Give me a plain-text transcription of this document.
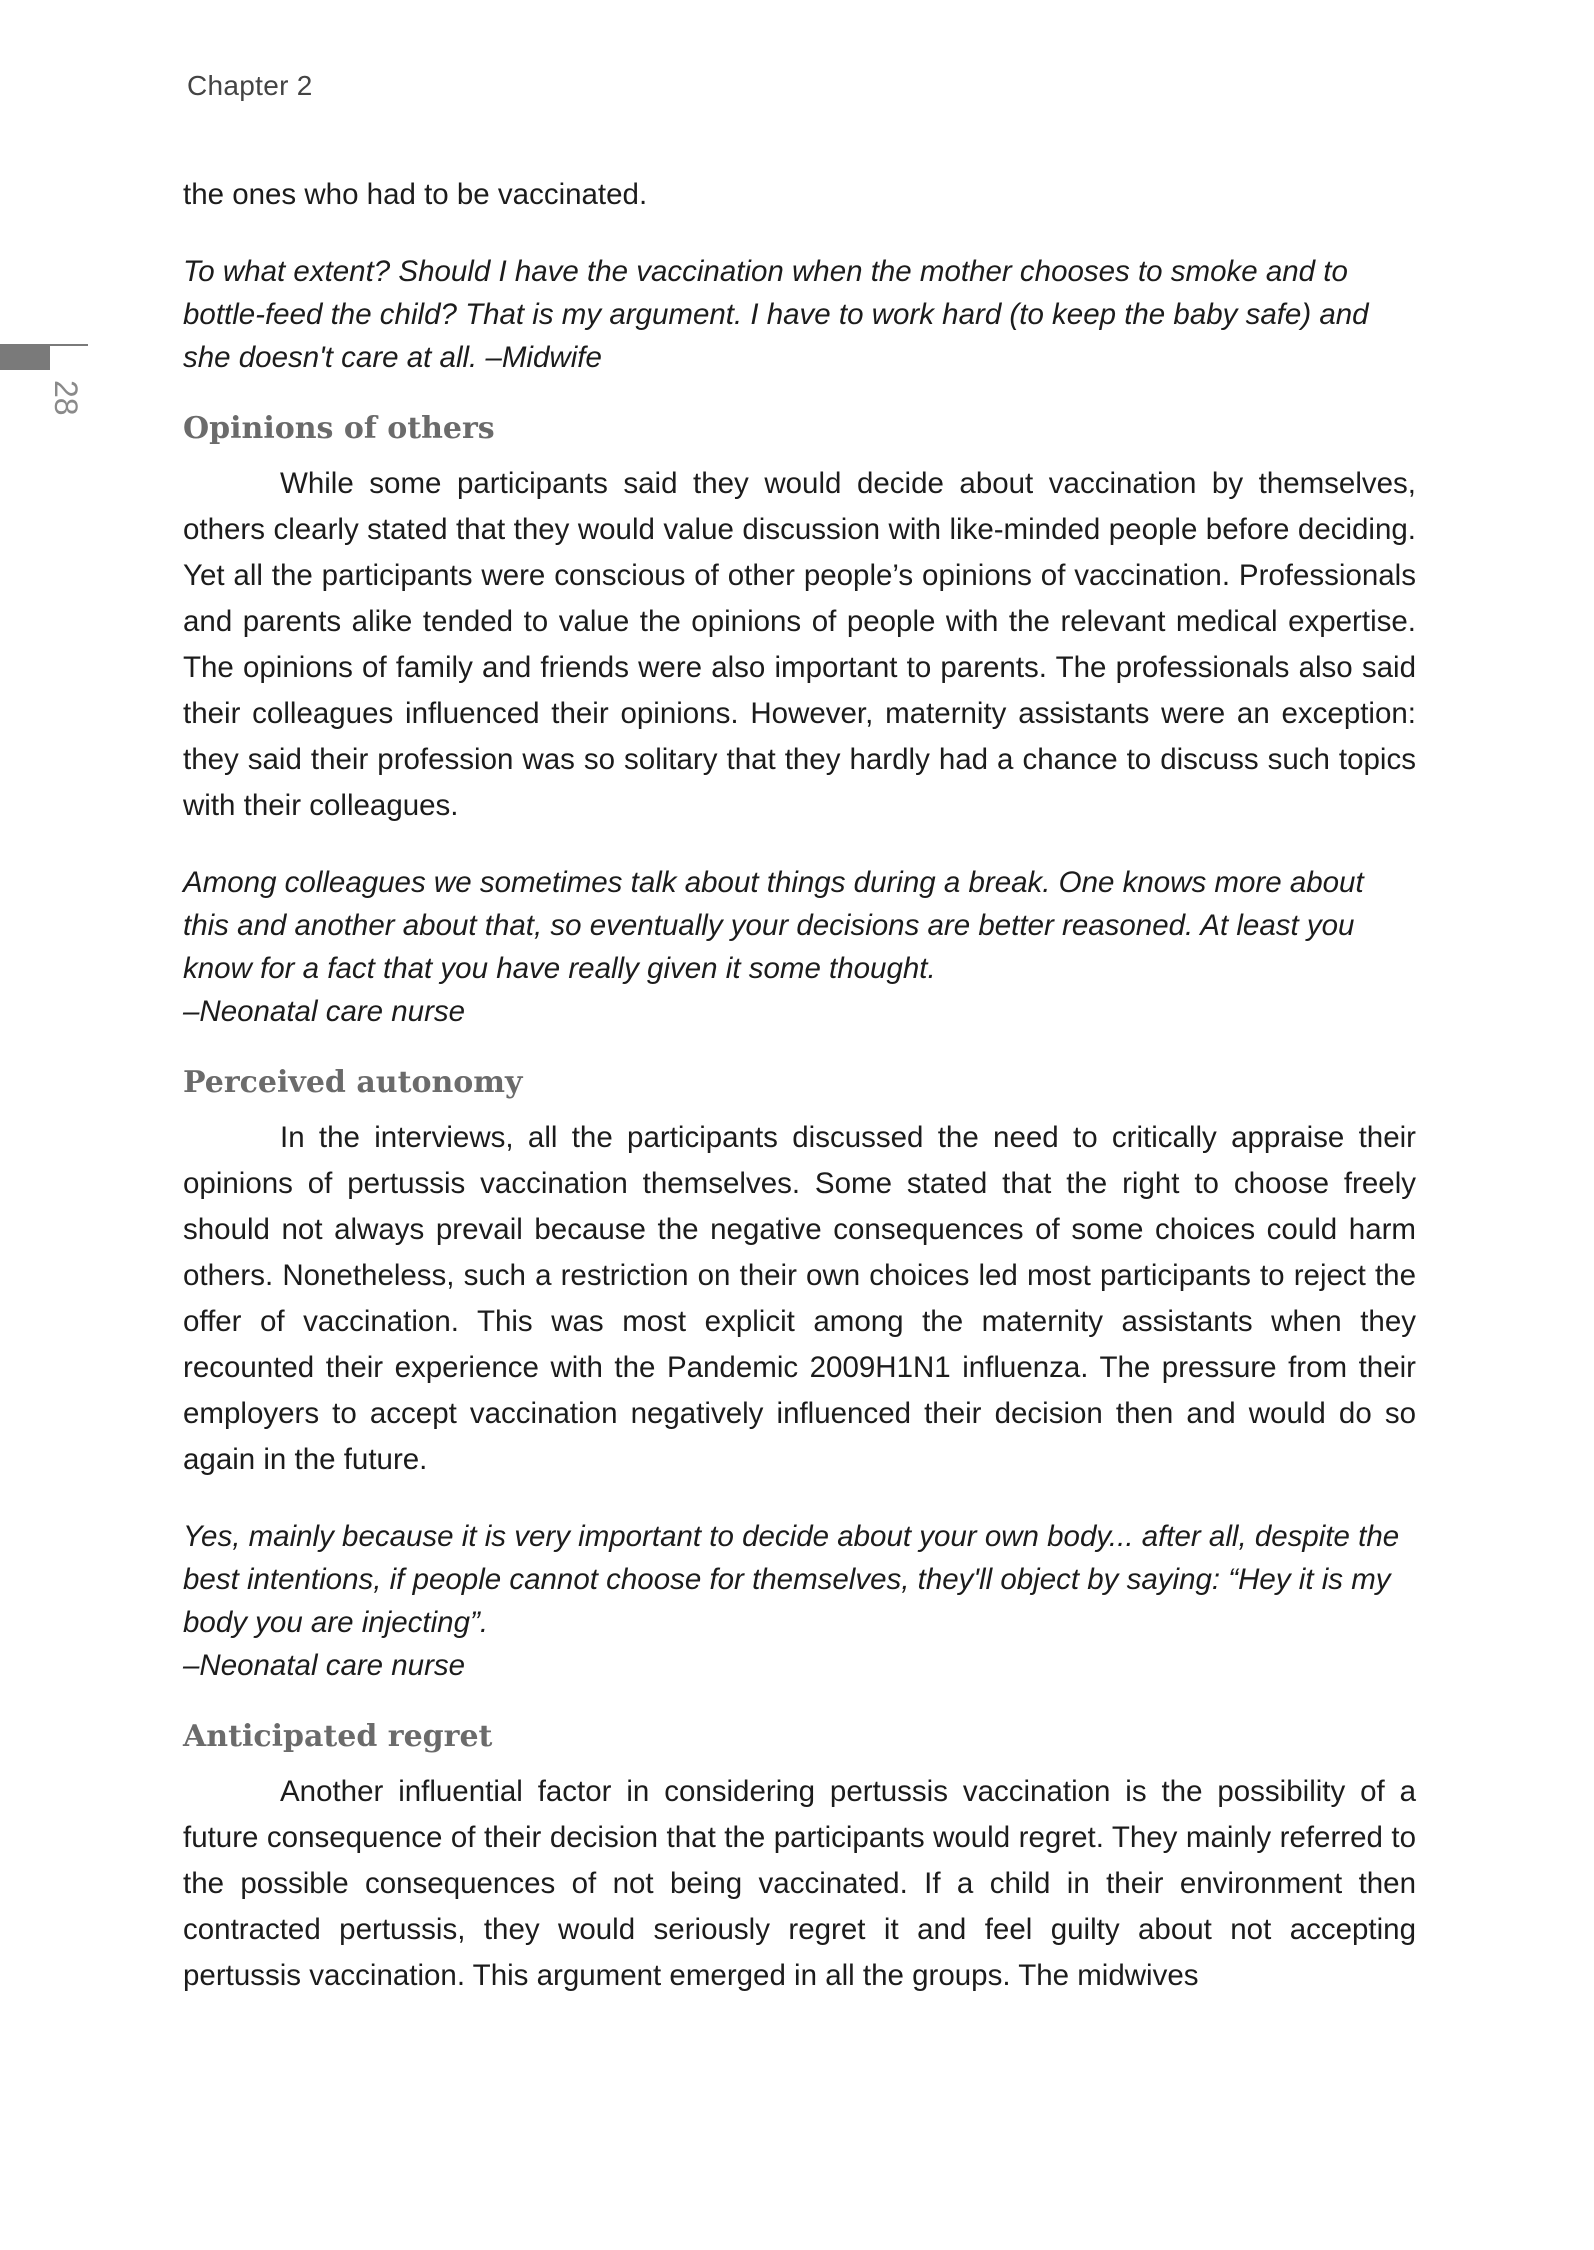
Chapter 2
28

the ones who had to be vaccinated.

To what extent? Should I have the vaccination when the mother chooses to smoke and to bottle-feed the child? That is my argument. I have to work hard (to keep the baby safe) and she doesn't care at all. –Midwife

Opinions of others

While some participants said they would decide about vaccination by themselves, others clearly stated that they would value discussion with like-minded people before deciding. Yet all the participants were conscious of other people’s opinions of vaccination. Professionals and parents alike tended to value the opinions of people with the relevant medical expertise. The opinions of family and friends were also important to parents. The professionals also said their colleagues influenced their opinions. However, maternity assistants were an exception: they said their profession was so solitary that they hardly had a chance to discuss such topics with their colleagues.

Among colleagues we sometimes talk about things during a break. One knows more about this and another about that, so eventually your decisions are better reasoned. At least you know for a fact that you have really given it some thought.
–Neonatal care nurse

Perceived autonomy

In the interviews, all the participants discussed the need to critically appraise their opinions of pertussis vaccination themselves. Some stated that the right to choose freely should not always prevail because the negative consequences of some choices could harm others. Nonetheless, such a restriction on their own choices led most participants to reject the offer of vaccination. This was most explicit among the maternity assistants when they recounted their experience with the Pandemic 2009H1N1 influenza. The pressure from their employers to accept vaccination negatively influenced their decision then and would do so again in the future.

Yes, mainly because it is very important to decide about your own body... after all, despite the best intentions, if people cannot choose for themselves, they'll object by saying: “Hey it is my body you are injecting”.
–Neonatal care nurse

Anticipated regret

Another influential factor in considering pertussis vaccination is the possibility of a future consequence of their decision that the participants would regret. They mainly referred to the possible consequences of not being vaccinated. If a child in their environment then contracted pertussis, they would seriously regret it and feel guilty about not accepting pertussis vaccination. This argument emerged in all the groups. The midwives
